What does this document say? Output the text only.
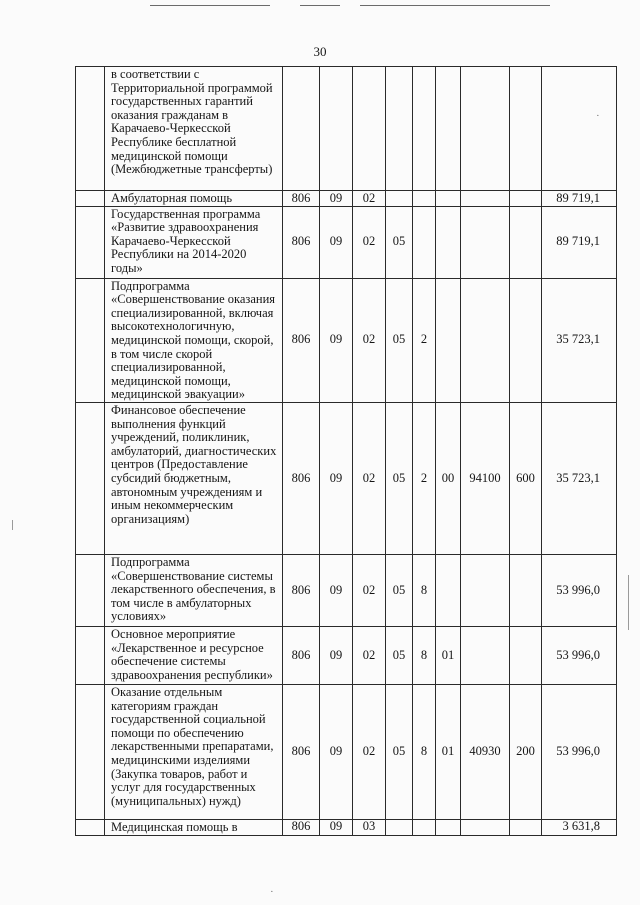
30
	в соответствии с Территориальной программой государственных гарантий оказания гражданам в Карачаево-Черкесской Республике бесплатной медицинской помощи (Межбюджетные трансферты)									
	Амбулаторная помощь	806	09	02						89 719,1
	Государственная программа «Развитие здравоохранения Карачаево-Черкесской Республики на 2014-2020 годы»	806	09	02	05					89 719,1
	Подпрограмма «Совершенствование оказания специализированной, включая высокотехнологичную, медицинской помощи, скорой, в том числе скорой специализированной, медицинской помощи, медицинской эвакуации»	806	09	02	05	2				35 723,1
	Финансовое обеспечение выполнения функций учреждений, поликлиник, амбулаторий, диагностических центров (Предоставление субсидий бюджетным, автономным учреждениям и иным некоммерческим организациям)	806	09	02	05	2	00	94100	600	35 723,1
	Подпрограмма «Совершенствование системы лекарственного обеспечения, в том числе в амбулаторных условиях»	806	09	02	05	8				53 996,0
	Основное мероприятие «Лекарственное и ресурсное обеспечение системы здравоохранения республики»	806	09	02	05	8	01			53 996,0
	Оказание отдельным категориям граждан государственной социальной помощи по обеспечению лекарственными препаратами, медицинскими изделиями (Закупка товаров, работ и услуг для государственных (муниципальных) нужд)	806	09	02	05	8	01	40930	200	53 996,0
	Медицинская помощь в	806	09	03						3 631,8
·
·
